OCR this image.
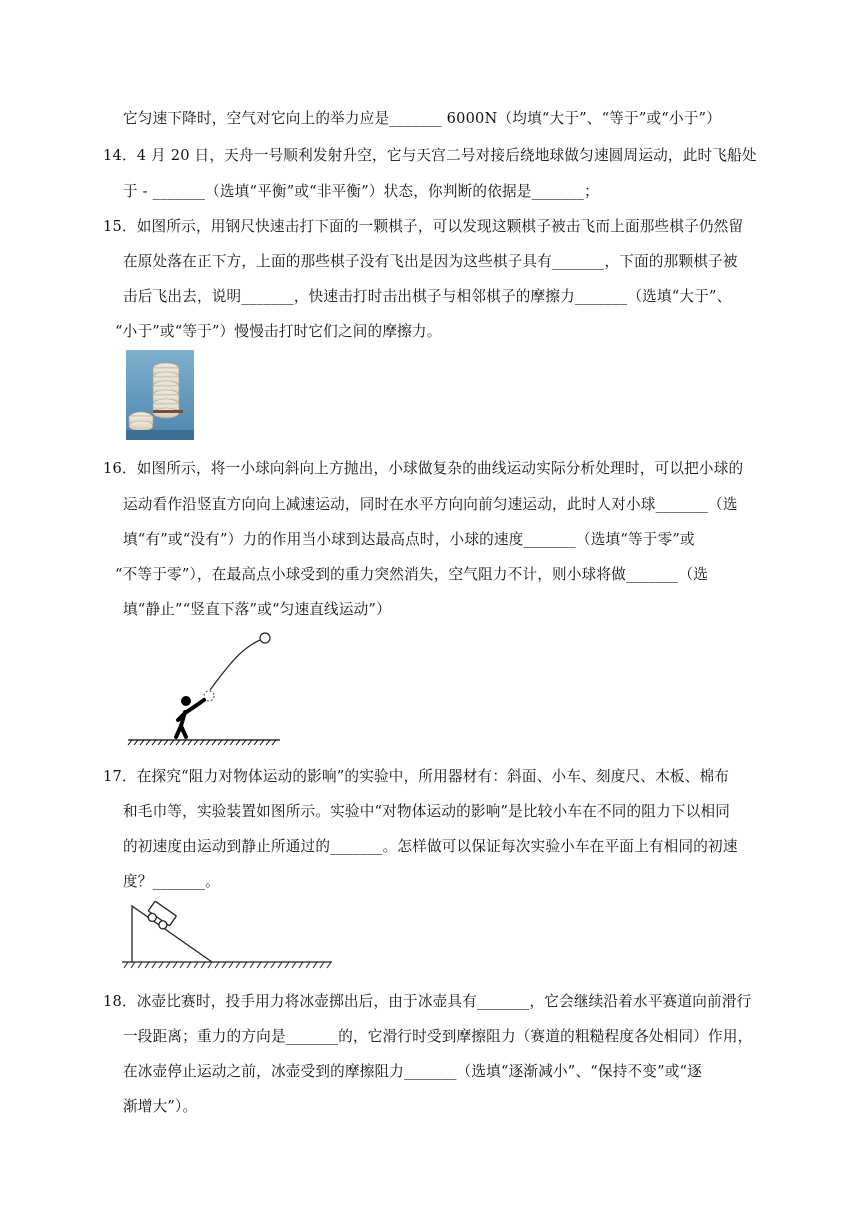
它匀速下降时，空气对它向上的举力应是_______ 6000N（均填“大于”、“等于”或“小于”）
14．4 月 20 日，天舟一号顺利发射升空，它与天宫二号对接后绕地球做匀速圆周运动，此时飞船处
于 - _______（选填“平衡”或“非平衡”）状态，你判断的依据是_______；
15．如图所示，用钢尺快速击打下面的一颗棋子，可以发现这颗棋子被击飞而上面那些棋子仍然留
在原处落在正下方，上面的那些棋子没有飞出是因为这些棋子具有_______，下面的那颗棋子被
击后飞出去，说明_______，快速击打时击出棋子与相邻棋子的摩擦力_______（选填“大于”、
“小于”或“等于”）慢慢击打时它们之间的摩擦力。
16．如图所示，将一小球向斜向上方抛出，小球做复杂的曲线运动实际分析处理时，可以把小球的
运动看作沿竖直方向向上减速运动，同时在水平方向向前匀速运动，此时人对小球_______（选
填“有”或“没有”）力的作用当小球到达最高点时，小球的速度_______（选填“等于零”或
“不等于零”），在最高点小球受到的重力突然消失，空气阻力不计，则小球将做_______（选
填“静止”“竖直下落”或“匀速直线运动”）
17．在探究“阻力对物体运动的影响”的实验中，所用器材有：斜面、小车、刻度尺、木板、棉布
和毛巾等，实验装置如图所示。实验中“对物体运动的影响”是比较小车在不同的阻力下以相同
的初速度由运动到静止所通过的_______。怎样做可以保证每次实验小车在平面上有相同的初速
度？_______。
18．冰壶比赛时，投手用力将冰壶掷出后，由于冰壶具有_______，它会继续沿着水平赛道向前滑行
一段距离；重力的方向是_______的，它滑行时受到摩擦阻力（赛道的粗糙程度各处相同）作用，
在冰壶停止运动之前，冰壶受到的摩擦阻力_______（选填“逐渐减小”、“保持不变”或“逐
渐增大”）。
